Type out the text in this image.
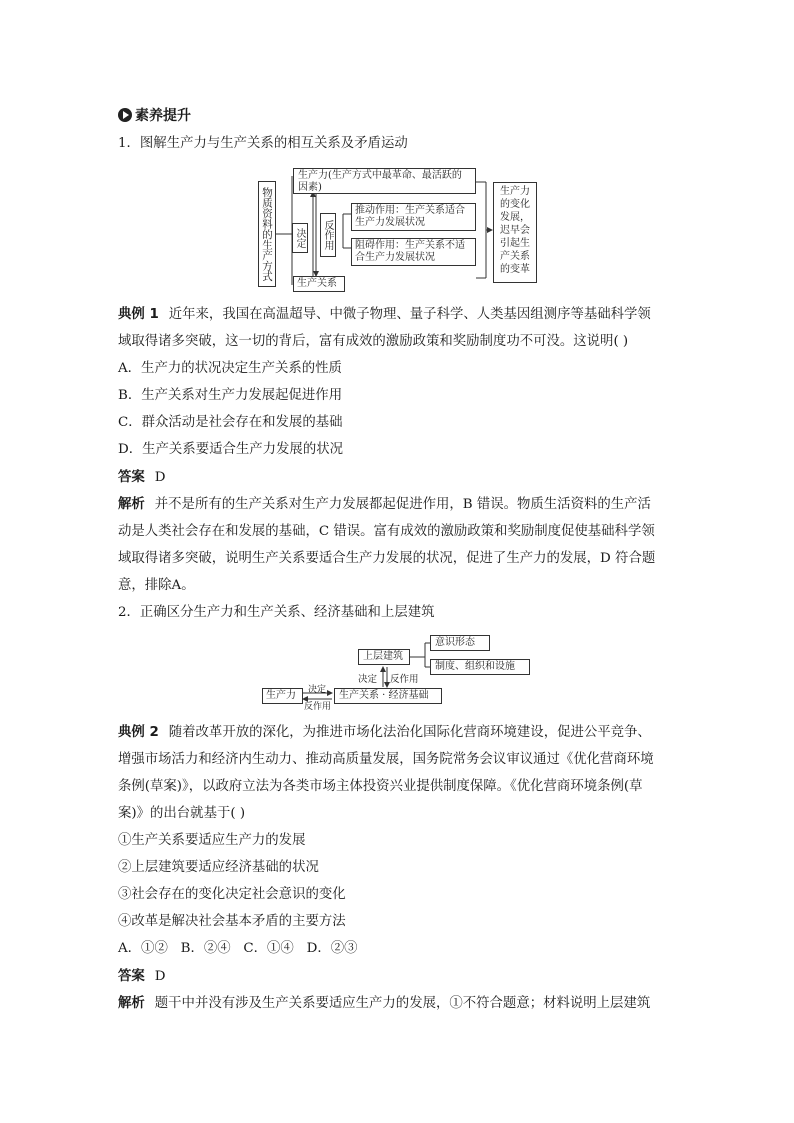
素养提升
1．图解生产力与生产关系的相互关系及矛盾运动
物质资料的生产方式
生产力(生产方式中最革命、最活跃的因素)
决定	反作用
推动作用：生产关系适合生产力发展状况
阻碍作用：生产关系不适合生产力发展状况
生产关系
生产力的变化发展，迟早会引起生产关系的变革
典例 1 近年来，我国在高温超导、中微子物理、量子科学、人类基因组测序等基础科学领
域取得诸多突破，这一切的背后，富有成效的激励政策和奖励制度功不可没。这说明( )
A．生产力的状况决定生产关系的性质
B．生产关系对生产力发展起促进作用
C．群众活动是社会存在和发展的基础
D．生产关系要适合生产力发展的状况
答案 D
解析 并不是所有的生产关系对生产力发展都起促进作用，B 错误。物质生活资料的生产活
动是人类社会存在和发展的基础，C 错误。富有成效的激励政策和奖励制度促使基础科学领
域取得诸多突破，说明生产关系要适合生产力发展的状况，促进了生产力的发展，D 符合题
意，排除A。
2．正确区分生产力和生产关系、经济基础和上层建筑
上层建筑
意识形态
制度、组织和设施
决定 反作用
生产力	决定
反作用
生产关系 · 经济基础
典例 2 随着改革开放的深化，为推进市场化法治化国际化营商环境建设，促进公平竞争、
增强市场活力和经济内生动力、推动高质量发展，国务院常务会议审议通过《优化营商环境
条例(草案)》，以政府立法为各类市场主体投资兴业提供制度保障。《优化营商环境条例(草
案)》的出台就基于( )
①生产关系要适应生产力的发展
②上层建筑要适应经济基础的状况
③社会存在的变化决定社会意识的变化
④改革是解决社会基本矛盾的主要方法
A．①②   B．②④   C．①④   D．②③
答案 D
解析 题干中并没有涉及生产关系要适应生产力的发展，①不符合题意；材料说明上层建筑
